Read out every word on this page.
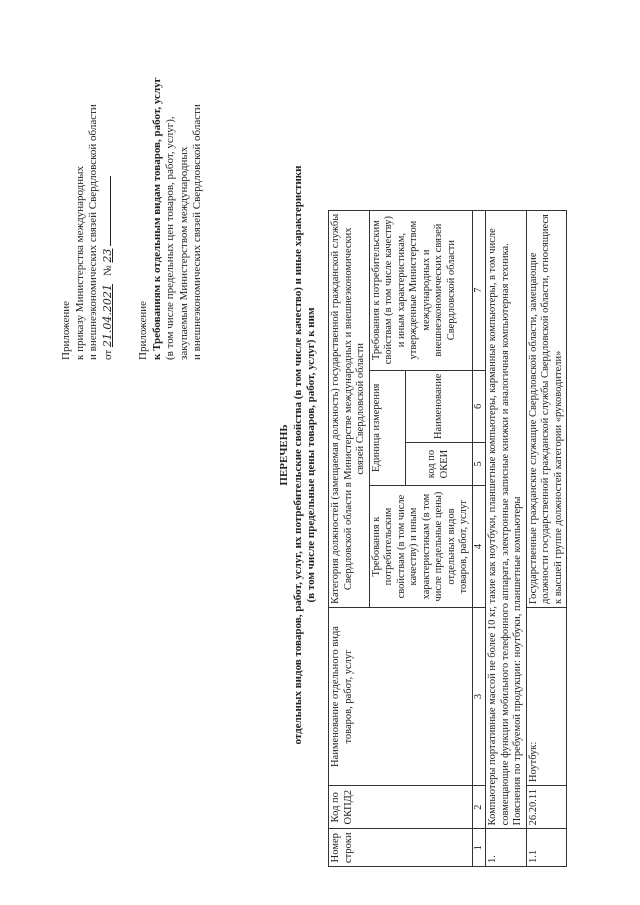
Приложение к приказу Министерства международных и внешнеэкономических связей Свердловской области от 21.04.2021   № 23
Приложение к Требованиям к отдельным видам товаров, работ, услуг (в том числе предельных цен товаров, работ, услуг), закупаемым Министерством международных и внешнеэкономических связей Свердловской области
ПЕРЕЧЕНЬ отдельных видов товаров, работ, услуг, их потребительские свойства (в том числе качество) и иные характеристики (в том числе предельные цены товаров, работ, услуг) к ним
Номер строки	Код по ОКПД2	Наименование отдельного вида товаров, работ, услуг	Категория должностей (замещаемая должность) государственной гражданской службы Свердловской области в Министерстве международных и внешнеэкономических связей Свердловской области			
			Требования к потребительским свойствам (в том числе качеству) и иным характеристикам (в том числе предельные цены) отдельных видов товаров, работ, услуг	Единица измерения		Требования к потребительским свойствам (в том числе качеству) и иным характеристикам, утвержденные Министерством международных и внешнеэкономических связей Свердловской области
				код по ОКЕИ	Наименование	
1	2	3	4	5	6	7
1.	Компьютеры портативные массой не более 10 кг, такие как ноутбуки, планшетные компьютеры, карманные компьютеры, в том числе совмещающие функции мобильного телефонного аппарата, электронные записные книжки и аналогичная компьютерная техника. Пояснения по требуемой продукции: ноутбуки, планшетные компьютеры					

1.1	26.20.11	Ноутбук:	Государственные гражданские служащие Свердловской области, замещающие должности государственной гражданской службы Свердловской области, относящиеся к высшей группе должностей категории «руководители»			
